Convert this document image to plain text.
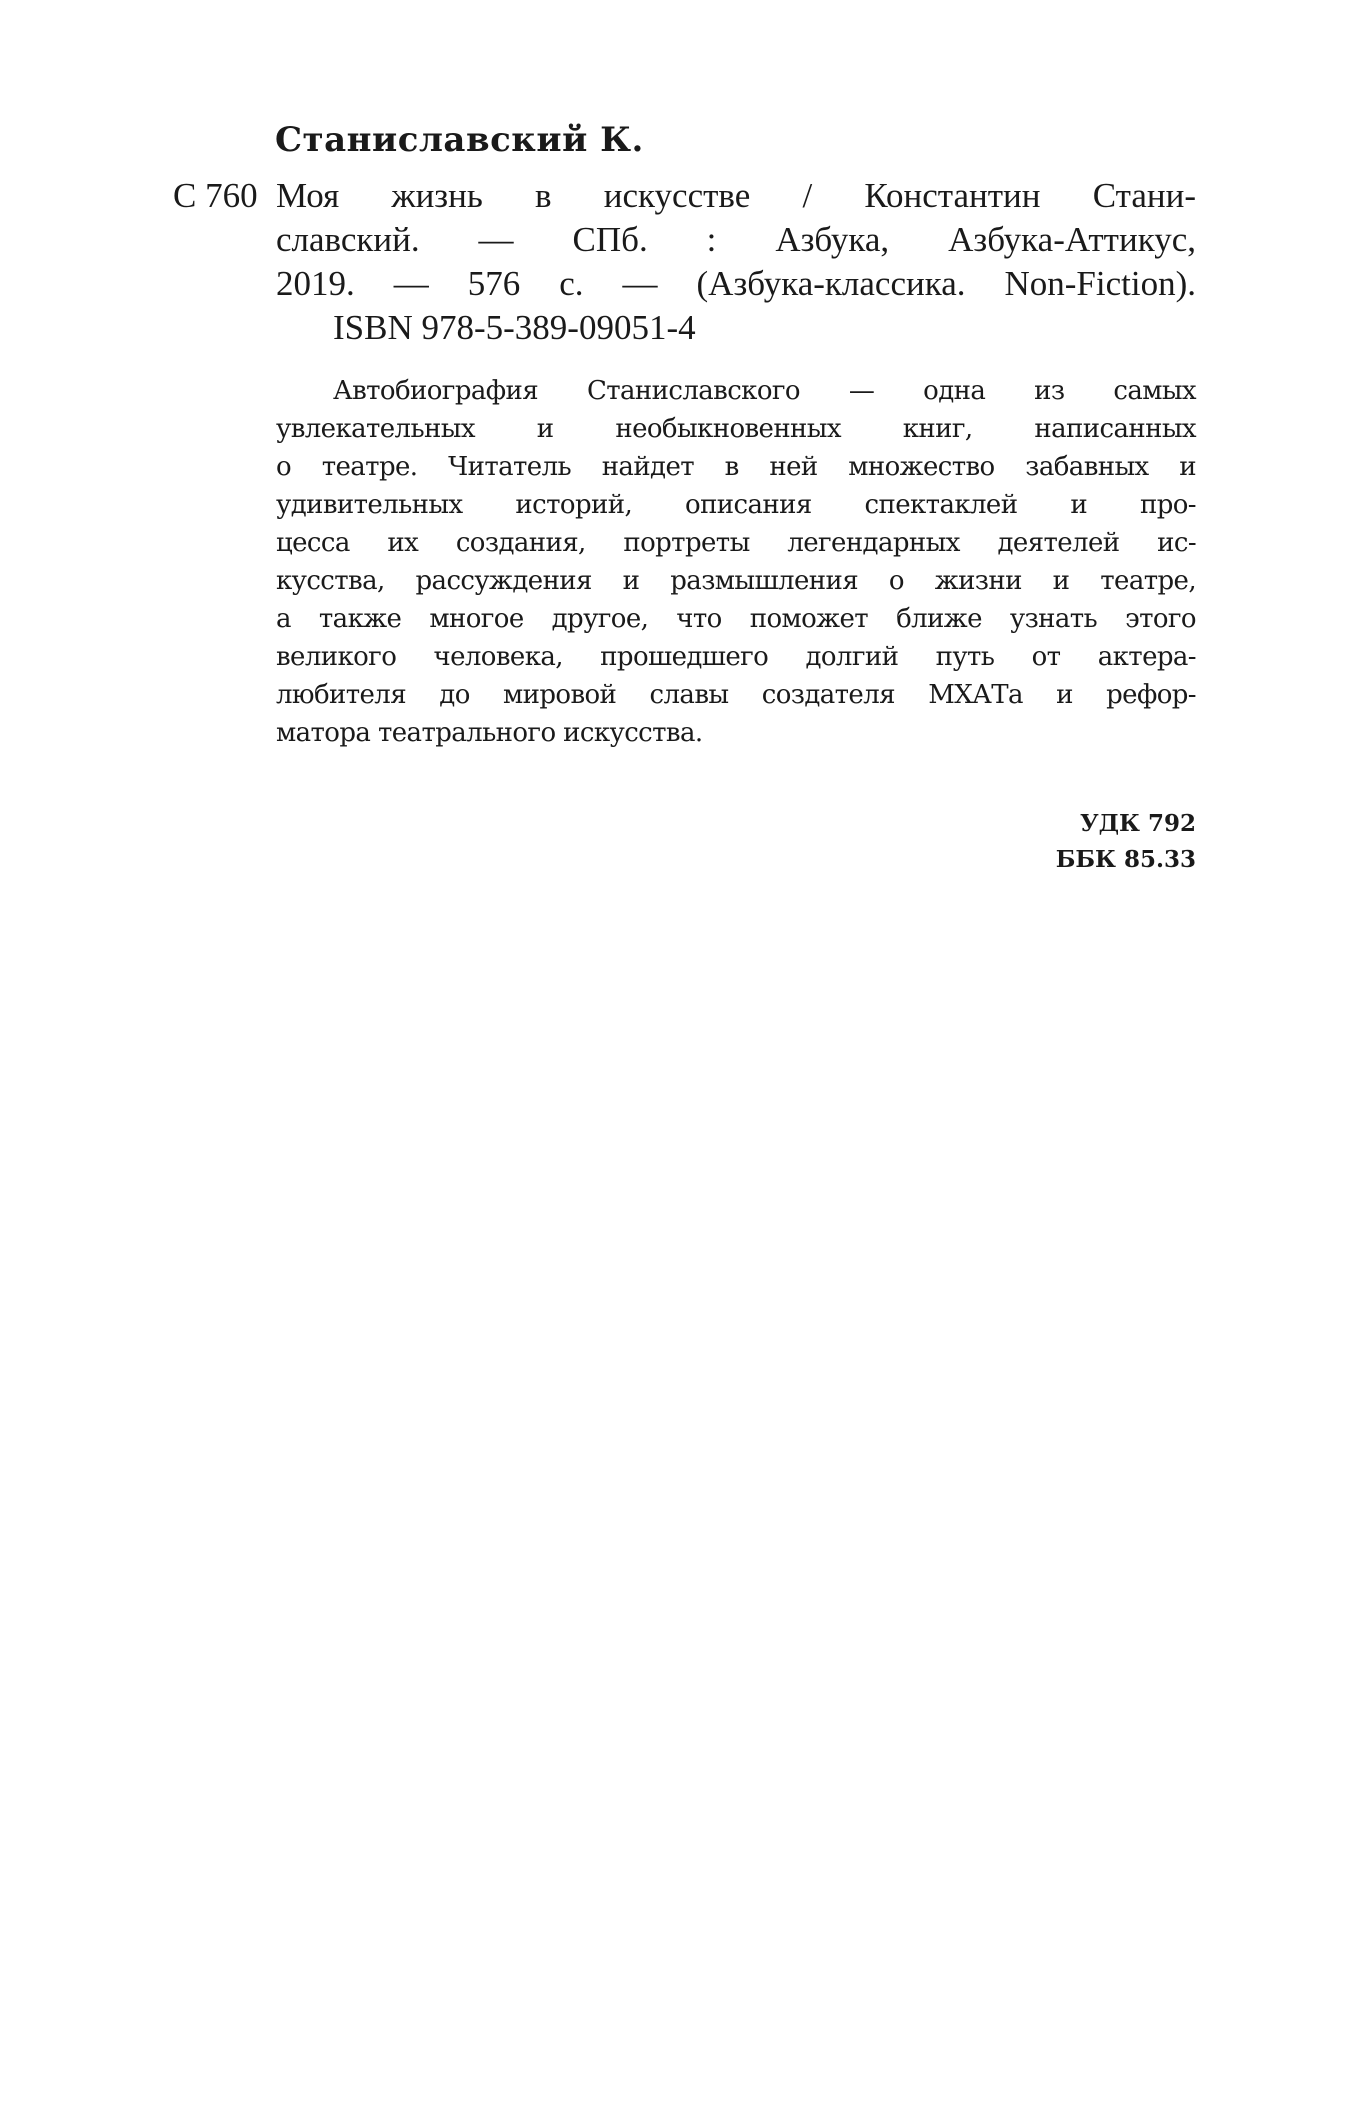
Станиславский К.
С 760 Моя жизнь в искусстве / Константин Стани-
славский. — СПб. : Азбука, Азбука-Аттикус,
2019. — 576 с. — (Азбука-классика. Non-Fiction).
ISBN 978-5-389-09051-4
Автобиография Станиславского — одна из самых
увлекательных и необыкновенных книг, написанных
о театре. Читатель найдет в ней множество забавных и
удивительных историй, описания спектаклей и про-
цесса их создания, портреты легендарных деятелей ис-
кусства, рассуждения и размышления о жизни и театре,
а также многое другое, что поможет ближе узнать этого
великого человека, прошедшего долгий путь от актера-
любителя до мировой славы создателя МХАТа и рефор-
матора театрального искусства.
УДК 792
ББК 85.33
